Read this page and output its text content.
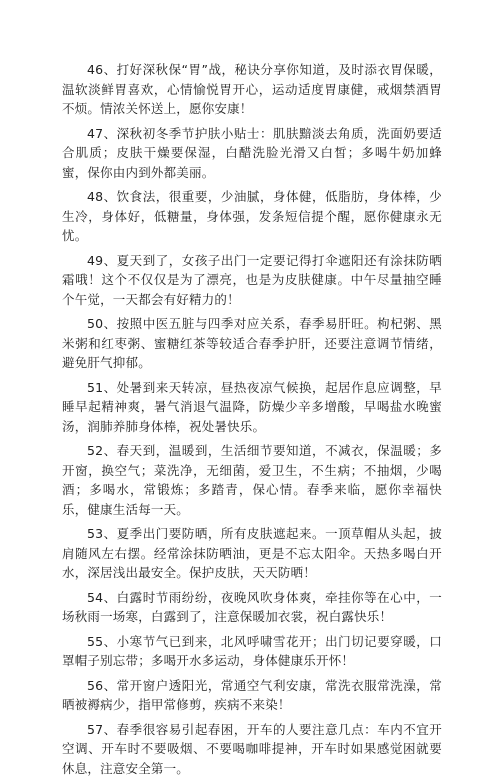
46、打好深秋保“胃”战，秘诀分享你知道，及时添衣胃保暖，温软淡鲜胃喜欢，心情愉悦胃开心，运动适度胃康健，戒烟禁酒胃不烦。情浓关怀送上，愿你安康！

47、深秋初冬季节护肤小贴士：肌肤黯淡去角质，洗面奶要适合肌质；皮肤干燥要保湿，白醋洗脸光滑又白皙；多喝牛奶加蜂蜜，保你由内到外都美丽。

48、饮食法，很重要，少油腻，身体健，低脂肪，身体棒，少生冷，身体好，低糖量，身体强，发条短信提个醒，愿你健康永无忧。

49、夏天到了，女孩子出门一定要记得打伞遮阳还有涂抹防晒霜哦！这个不仅仅是为了漂亮，也是为皮肤健康。中午尽量抽空睡个午觉，一天都会有好精力的！

50、按照中医五脏与四季对应关系，春季易肝旺。枸杞粥、黑米粥和红枣粥、蜜糖红茶等较适合春季护肝，还要注意调节情绪，避免肝气抑郁。

51、处暑到来天转凉，昼热夜凉气候换，起居作息应调整，早睡早起精神爽，暑气消退气温降，防燥少辛多增酸，早喝盐水晚蜜汤，润肺养肺身体棒，祝处暑快乐。

52、春天到，温暖到，生活细节要知道，不减衣，保温暖；多开窗，换空气；菜洗净，无细菌，爱卫生，不生病；不抽烟，少喝酒；多喝水，常锻炼；多踏青，保心情。春季来临，愿你幸福快乐，健康生活每一天。

53、夏季出门要防晒，所有皮肤遮起来。一顶草帽从头起，披肩随风左右摆。经常涂抹防晒油，更是不忘太阳伞。天热多喝白开水，深居浅出最安全。保护皮肤，天天防晒！

54、白露时节雨纷纷，夜晚风吹身体爽，牵挂你等在心中，一场秋雨一场寒，白露到了，注意保暖加衣裳，祝白露快乐！

55、小寒节气已到来，北风呼啸雪花开；出门切记要穿暖，口罩帽子别忘带；多喝开水多运动，身体健康乐开怀！

56、常开窗户透阳光，常通空气利安康，常洗衣服常洗澡，常晒被褥病少，指甲常修剪，疾病不来染！

57、春季很容易引起春困，开车的人要注意几点：车内不宜开空调、开车时不要吸烟、不要喝咖啡提神，开车时如果感觉困就要休息，注意安全第一。
